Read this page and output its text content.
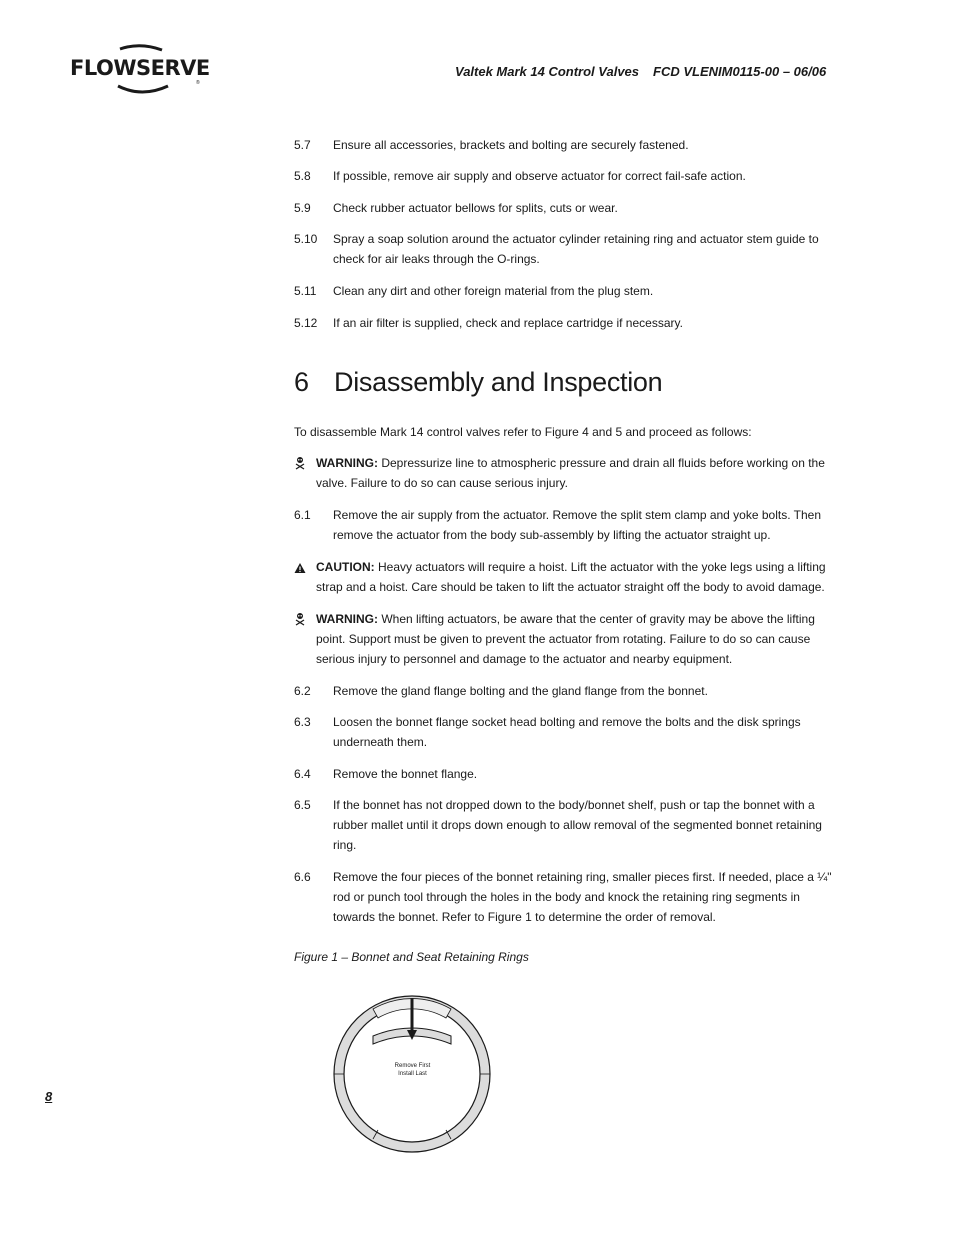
FLOWSERVE
®
Valtek Mark 14 Control Valves FCD VLENIM0115-00 – 06/06
5.7 Ensure all accessories, brackets and bolting are securely fastened.
5.8 If possible, remove air supply and observe actuator for correct fail-safe action.
5.9 Check rubber actuator bellows for splits, cuts or wear.
5.10 Spray a soap solution around the actuator cylinder retaining ring and actuator stem guide to check for air leaks through the O-rings.
5.11 Clean any dirt and other foreign material from the plug stem.
5.12 If an air filter is supplied, check and replace cartridge if necessary.
6 Disassembly and Inspection
To disassemble Mark 14 control valves refer to Figure 4 and 5 and proceed as follows:
WARNING: Depressurize line to atmospheric pressure and drain all fluids before working on the valve. Failure to do so can cause serious injury.
6.1 Remove the air supply from the actuator. Remove the split stem clamp and yoke bolts. Then remove the actuator from the body sub-assembly by lifting the actuator straight up.
CAUTION: Heavy actuators will require a hoist. Lift the actuator with the yoke legs using a lifting strap and a hoist. Care should be taken to lift the actuator straight off the body to avoid damage.
WARNING: When lifting actuators, be aware that the center of gravity may be above the lifting point. Support must be given to prevent the actuator from rotating. Failure to do so can cause serious injury to personnel and damage to the actuator and nearby equipment.
6.2 Remove the gland flange bolting and the gland flange from the bonnet.
6.3 Loosen the bonnet flange socket head bolting and remove the bolts and the disk springs underneath them.
6.4 Remove the bonnet flange.
6.5 If the bonnet has not dropped down to the body/bonnet shelf, push or tap the bonnet with a rubber mallet until it drops down enough to allow removal of the segmented bonnet retaining ring.
6.6 Remove the four pieces of the bonnet retaining ring, smaller pieces first. If needed, place a ¼" rod or punch tool through the holes in the body and knock the retaining ring segments in towards the bonnet. Refer to Figure 1 to determine the order of removal.
Figure 1 – Bonnet and Seat Retaining Rings
Remove First
Install Last
8
